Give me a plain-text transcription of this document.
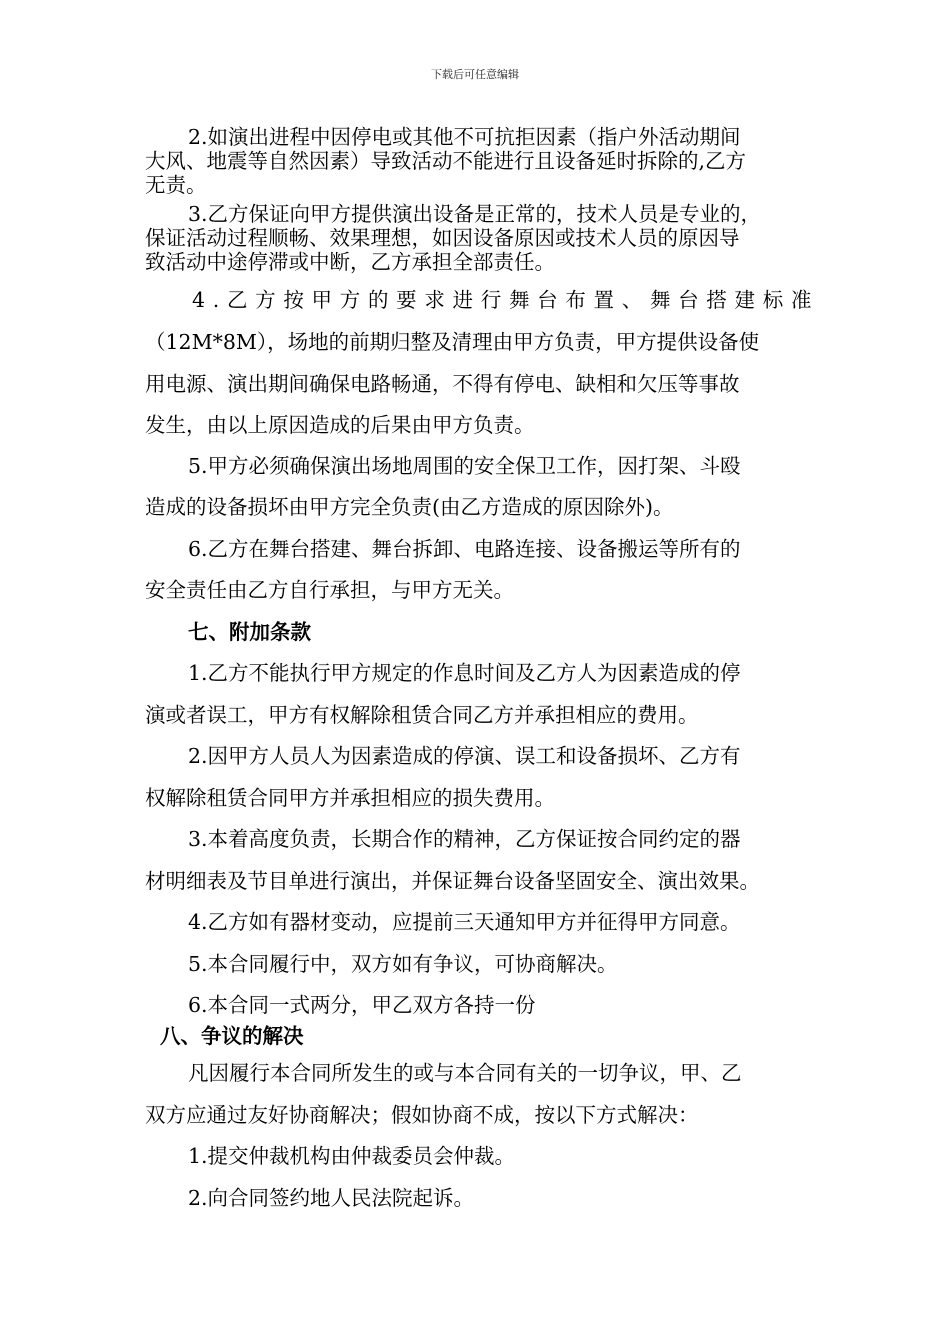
下载后可任意编辑
2.如演出进程中因停电或其他不可抗拒因素（指户外活动期间
大风、地震等自然因素）导致活动不能进行且设备延时拆除的,乙方
无责。
3.乙方保证向甲方提供演出设备是正常的，技术人员是专业的，
保证活动过程顺畅、效果理想，如因设备原因或技术人员的原因导
致活动中途停滞或中断，乙方承担全部责任。
4.乙方按甲方的要求进行舞台布置、舞台搭建标准
（12M*8M），场地的前期归整及清理由甲方负责，甲方提供设备使
用电源、演出期间确保电路畅通，不得有停电、缺相和欠压等事故
发生，由以上原因造成的后果由甲方负责。
5.甲方必须确保演出场地周围的安全保卫工作，因打架、斗殴
造成的设备损坏由甲方完全负责(由乙方造成的原因除外)。
6.乙方在舞台搭建、舞台拆卸、电路连接、设备搬运等所有的
安全责任由乙方自行承担，与甲方无关。
七、附加条款
1.乙方不能执行甲方规定的作息时间及乙方人为因素造成的停
演或者误工，甲方有权解除租赁合同乙方并承担相应的费用。
2.因甲方人员人为因素造成的停演、误工和设备损坏、乙方有
权解除租赁合同甲方并承担相应的损失费用。
3.本着高度负责，长期合作的精神，乙方保证按合同约定的器
材明细表及节目单进行演出，并保证舞台设备坚固安全、演出效果。
4.乙方如有器材变动，应提前三天通知甲方并征得甲方同意。
5.本合同履行中，双方如有争议，可协商解决。
6.本合同一式两分，甲乙双方各持一份
八、争议的解决
凡因履行本合同所发生的或与本合同有关的一切争议，甲、乙
双方应通过友好协商解决；假如协商不成，按以下方式解决：
1.提交仲裁机构由仲裁委员会仲裁。
2.向合同签约地人民法院起诉。
